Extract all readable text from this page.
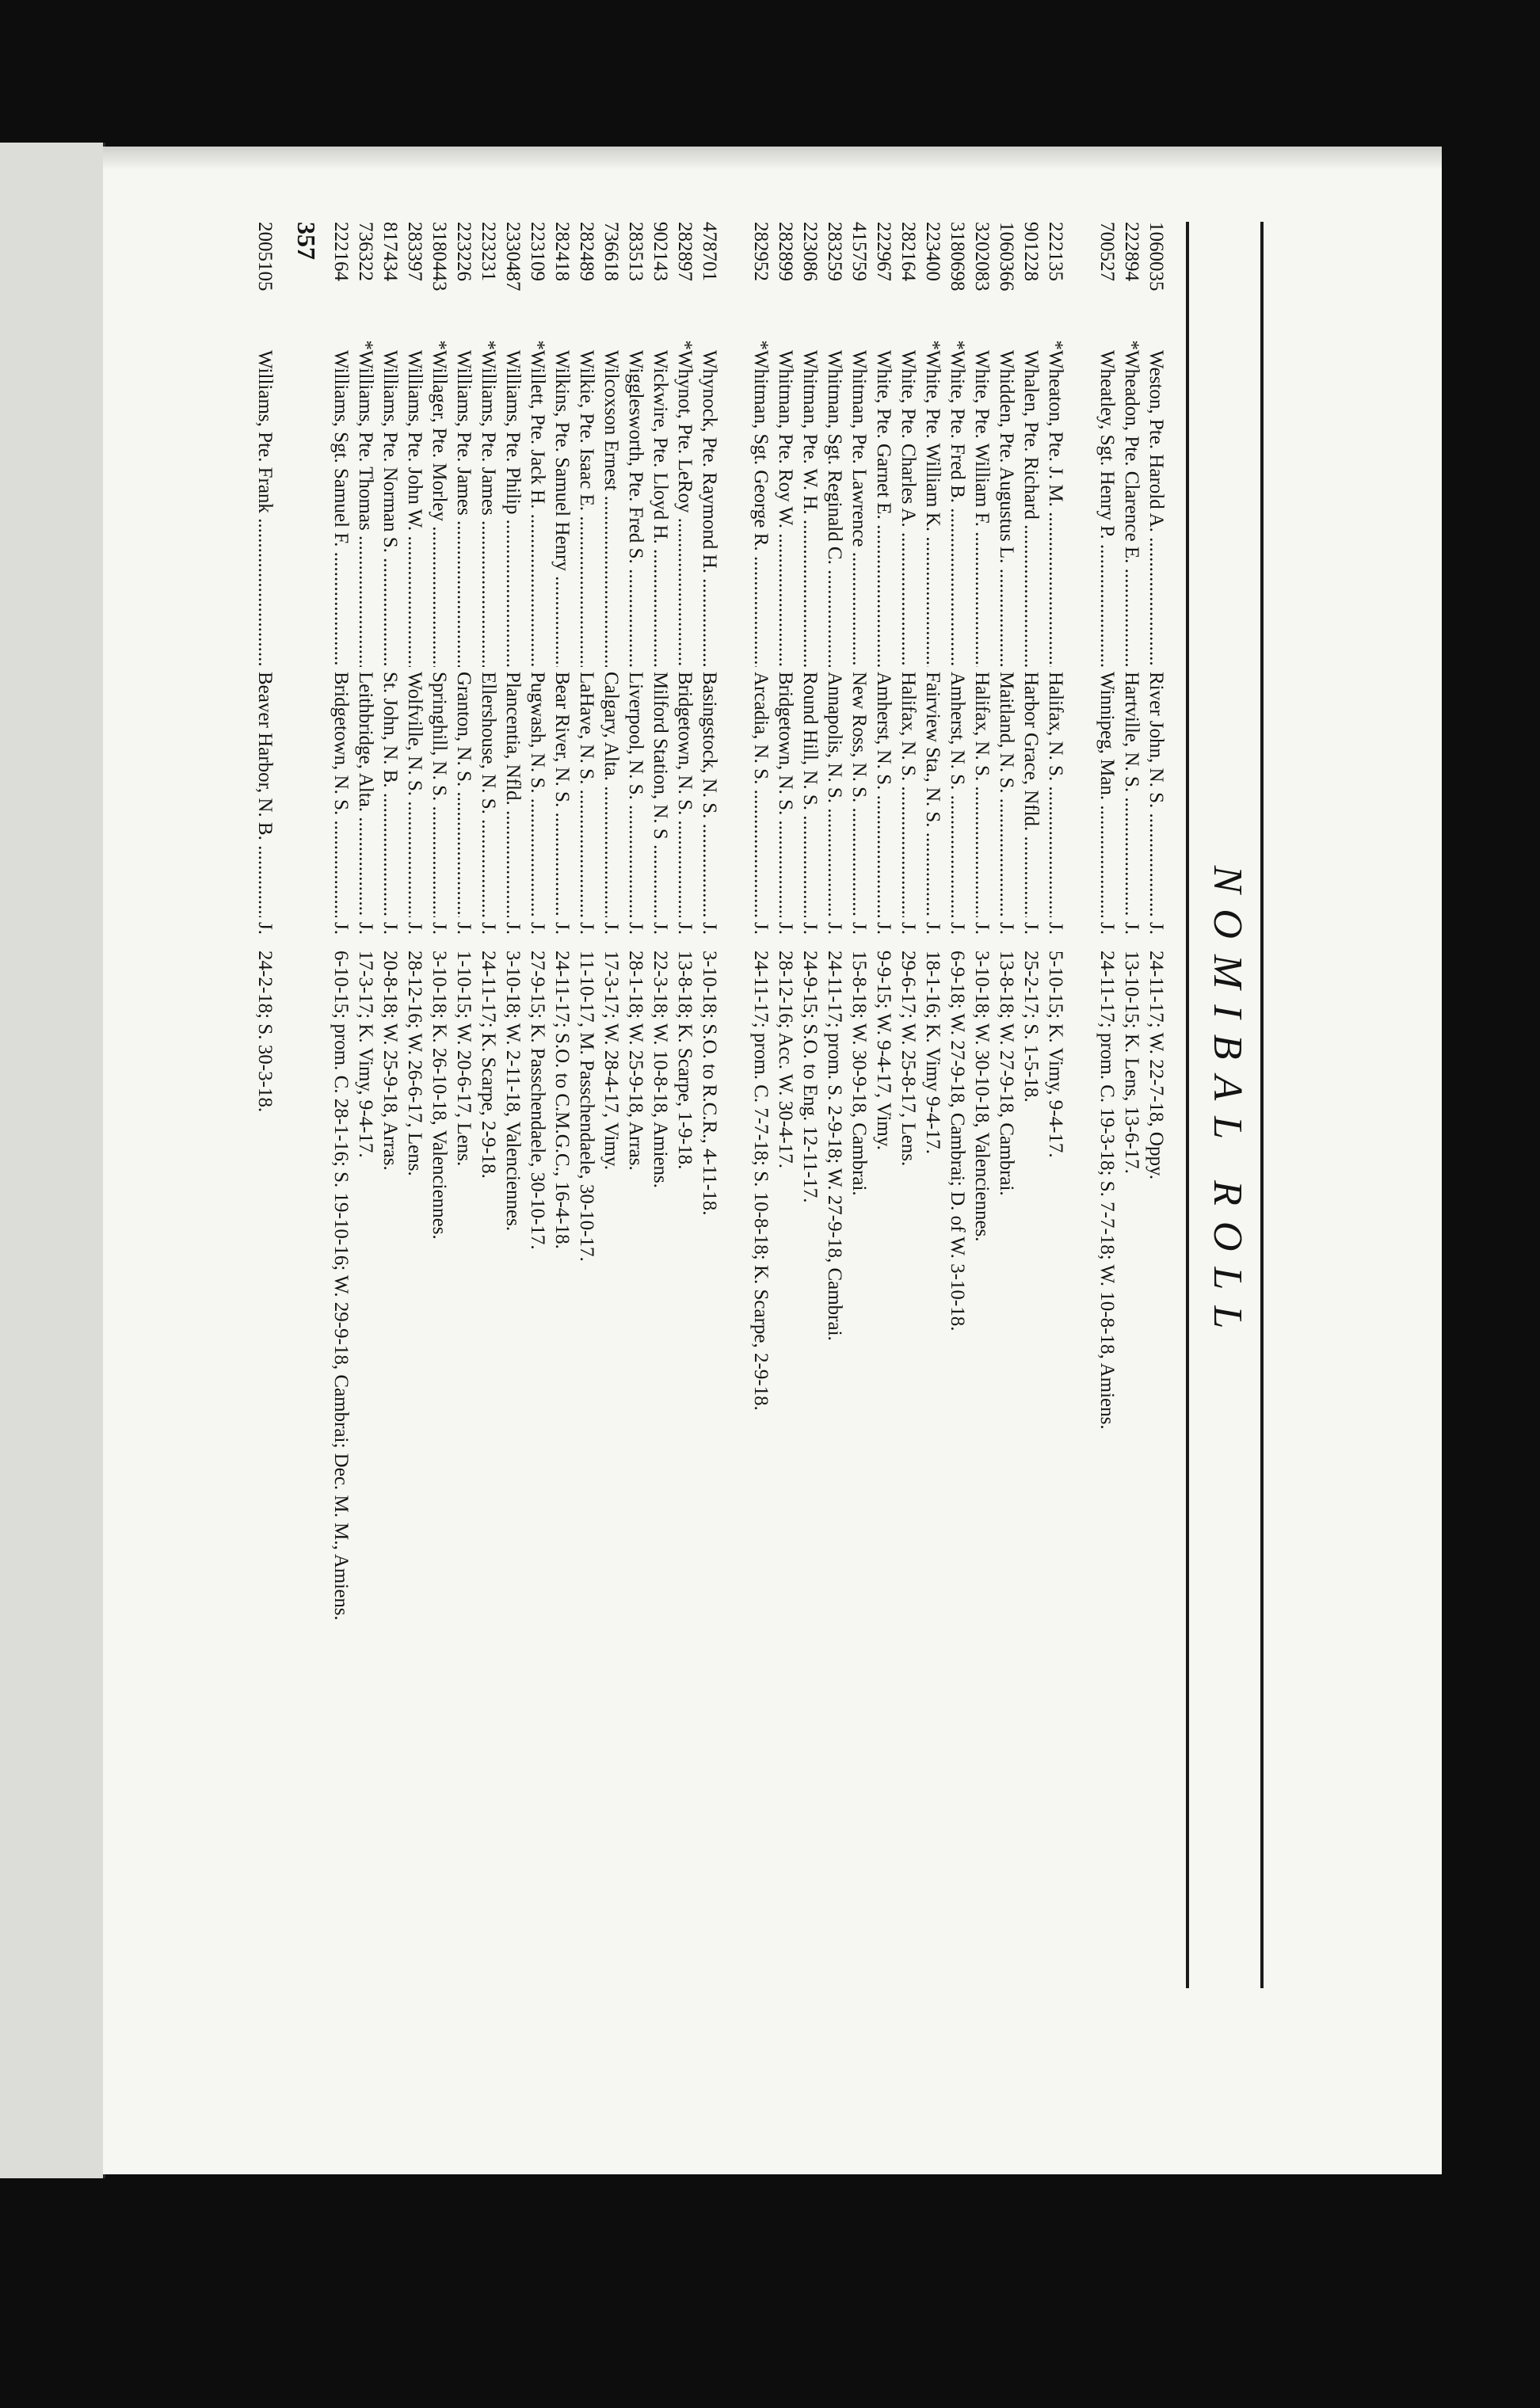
NOMIBAL ROLL
1060035
Weston, Pte. Harold A. .....
River John, N. S. .....
J.
24-11-17; W. 22-7-18, Oppy.
222894
*
Wheadon, Pte. Clarence E. .....
Hartville, N. S. .....
J.
13-10-15; K. Lens, 13-6-17.
700527
Wheatley, Sgt. Henry P. .....
Winnipeg, Man. .....
J.
24-11-17; prom. C. 19-3-18; S. 7-7-18; W. 10-8-18, Amiens.
222135
*
Wheaton, Pte. J. M. .....
Halifax, N. S. .....
J.
5-10-15; K. Vimy, 9-4-17.
901228
Whalen, Pte. Richard .....
Harbor Grace, Nfld. .....
J.
25-2-17; S. 1-5-18.
1060366
Whidden, Pte. Augustus L. .....
Maitland, N. S. .....
J.
13-8-18; W. 27-9-18, Cambrai.
3202083
White, Pte. William F. .....
Halifax, N. S. .....
J.
3-10-18; W. 30-10-18, Valenciennes.
3180698
*
White, Pte. Fred B. .....
Amherst, N. S. .....
J.
6-9-18; W. 27-9-18, Cambrai; D. of W. 3-10-18.
223400
*
White, Pte. William K. .....
Fairview Sta., N. S. .....
J.
18-1-16; K. Vimy 9-4-17.
282164
White, Pte. Charles A. .....
Halifax, N. S. .....
J.
29-6-17; W. 25-8-17, Lens.
222967
White, Pte. Garnet E. .....
Amherst, N. S. .....
J.
9-9-15; W. 9-4-17, Vimy.
415759
Whitman, Pte. Lawrence .....
New Ross, N. S. .....
J.
15-8-18; W. 30-9-18, Cambrai.
283259
Whitman, Sgt. Reginald C. .....
Annapolis, N. S. .....
J.
24-11-17; prom. S. 2-9-18; W. 27-9-18, Cambrai.
223086
Whitman, Pte. W. H. .....
Round Hill, N. S. .....
J.
24-9-15; S.O. to Eng. 12-11-17.
282899
Whitman, Pte. Roy W. .....
Bridgetown, N. S. .....
J.
28-12-16; Acc. W. 30-4-17.
282952
*
Whitman, Sgt. George R. .....
Arcadia, N. S. .....
J.
24-11-17; prom. C. 7-7-18; S. 10-8-18; K. Scarpe, 2-9-18.
478701
Whynock, Pte. Raymond H. .....
Basingstock, N. S. .....
J.
3-10-18; S.O. to R.C.R., 4-11-18.
282897
*
Whynot, Pte. LeRoy .....
Bridgetown, N. S. .....
J.
13-8-18; K. Scarpe, 1-9-18.
902143
Wickwire, Pte. Lloyd H. .....
Milford Station, N. S .....
J.
22-3-18; W. 10-8-18, Amiens.
283513
Wigglesworth, Pte. Fred S. .....
Liverpool, N. S. .....
J.
28-1-18; W. 25-9-18, Arras.
736618
Wilcoxson Ernest .....
Calgary, Alta. .....
J.
17-3-17; W. 28-4-17, Vimy.
282489
Wilkie, Pte. Isaac E. .....
LaHave, N. S. .....
J.
11-10-17, M. Passchendaele, 30-10-17.
282418
Wilkins, Pte. Samuel Henry .....
Bear River, N. S. .....
J.
24-11-17; S.O. to C.M.G.C., 16-4-18.
223109
*
Willett, Pte. Jack H. .....
Pugwash, N. S. .....
J.
27-9-15; K. Passchendaele, 30-10-17.
2330487
Williams, Pte. Philip .....
Plancentia, Nfld. .....
J.
3-10-18; W. 2-11-18, Valenciennes.
223231
*
Williams, Pte. James .....
Ellershouse, N. S. .....
J.
24-11-17; K. Scarpe, 2-9-18.
223226
Williams, Pte. James .....
Granton, N. S. .....
J.
1-10-15; W. 20-6-17, Lens.
3180443
*
Willager, Pte. Morley .....
Springhill, N. S. .....
J.
3-10-18; K. 26-10-18, Valenciennes.
283397
Williams, Pte. John W. .....
Wolfville, N. S. .....
J.
28-12-16; W. 26-6-17, Lens.
817434
Williams, Pte. Norman S. .....
St. John, N. B. .....
J.
20-8-18; W. 25-9-18, Arras.
736322
*
Williams, Pte. Thomas .....
Leithbridge, Alta. .....
J.
17-3-17; K. Vimy, 9-4-17.
222164
Williams, Sgt. Samuel F. .....
Bridgetown, N. S. .....
J.
6-10-15; prom. C. 28-1-16; S. 19-10-16; W. 29-9-18, Cambrai; Dec. M. M., Amiens.
2005105
Williams, Pte. Frank .....
Beaver Harbor, N. B. .....
J.
24-2-18; S. 30-3-18.
357
